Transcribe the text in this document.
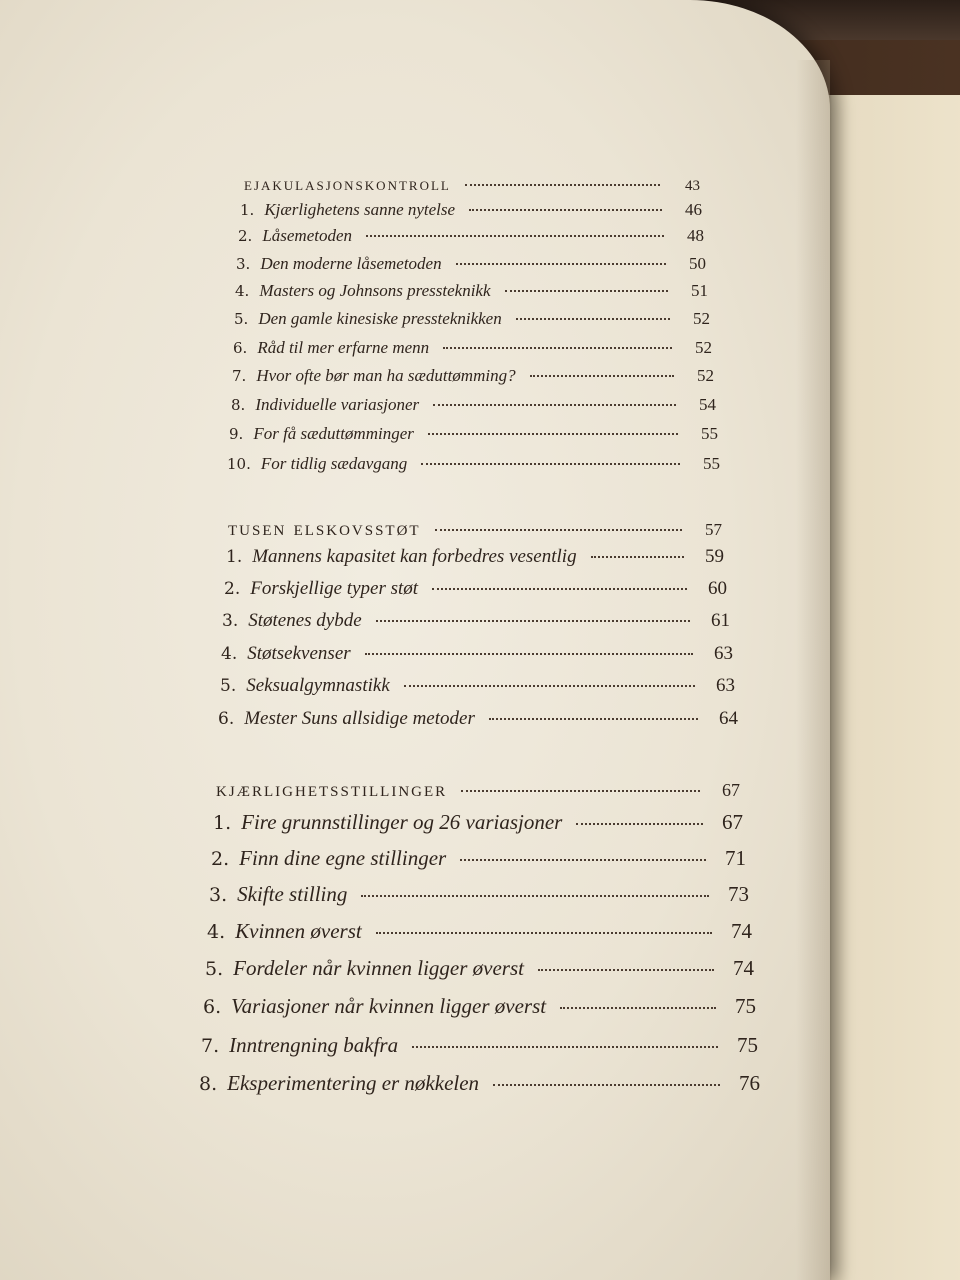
ejakulasjonskontroll	43
1. Kjærlighetens sanne nytelse	46
2. Låsemetoden	48
3. Den moderne låsemetoden	50
4. Masters og Johnsons pressteknikk	51
5. Den gamle kinesiske pressteknikken	52
6. Råd til mer erfarne menn	52
7. Hvor ofte bør man ha sæduttømming?	52
8. Individuelle variasjoner	54
9. For få sæduttømminger	55
10. For tidlig sædavgang	55
tusen elskovsstøt	57
1. Mannens kapasitet kan forbedres vesentlig	59
2. Forskjellige typer støt	60
3. Støtenes dybde	61
4. Støtsekvenser	63
5. Seksualgymnastikk	63
6. Mester Suns allsidige metoder	64
kjærlighetsstillinger	67
1. Fire grunnstillinger og 26 variasjoner	67
2. Finn dine egne stillinger	71
3. Skifte stilling	73
4. Kvinnen øverst	74
5. Fordeler når kvinnen ligger øverst	74
6. Variasjoner når kvinnen ligger øverst	75
7. Inntrengning bakfra	75
8. Eksperimentering er nøkkelen	76
